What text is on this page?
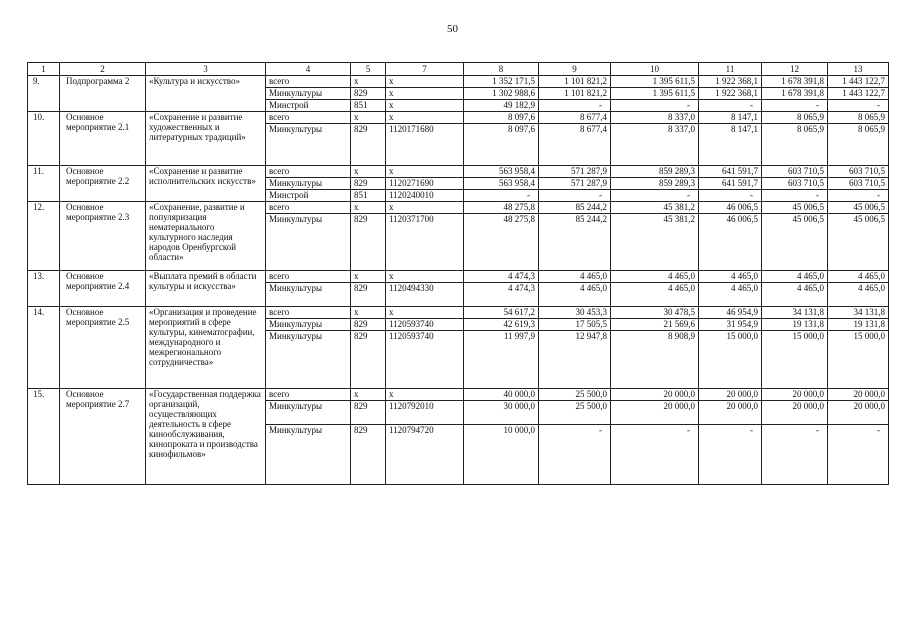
50
1	2	3	4	5	7	8	9	10	11	12	13
9.	Подпрограмма 2	«Культура и искусство»	всего	x	x	1 352 171,5	1 101 821,2	1 395 611,5	1 922 368,1	1 678 391,8	1 443 122,7
			Минкультуры	829	x	1 302 988,6	1 101 821,2	1 395 611,5	1 922 368,1	1 678 391,8	1 443 122,7
			Минстрой	851	x	49 182,9	-	-	-	-	-
10.	Основное мероприятие 2.1	«Сохранение и развитие художественных и литературных традиций»	всего	x	x	8 097,6	8 677,4	8 337,0	8 147,1	8 065,9	8 065,9
			Минкультуры	829	1120171680	8 097,6	8 677,4	8 337,0	8 147,1	8 065,9	8 065,9
11.	Основное мероприятие 2.2	«Сохранение и развитие исполнительских искусств»	всего	x	x	563 958,4	571 287,9	859 289,3	641 591,7	603 710,5	603 710,5
			Минкультуры	829	1120271690	563 958,4	571 287,9	859 289,3	641 591,7	603 710,5	603 710,5
			Минстрой	851	1120240010	-	-	-	-	-	-
12.	Основное мероприятие 2.3	«Сохранение, развитие и популяризация нематериального культурного наследия народов Оренбургской области»	всего	x	x	48 275,8	85 244,2	45 381,2	46 006,5	45 006,5	45 006,5
			Минкультуры	829	1120371700	48 275,8	85 244,2	45 381,2	46 006,5	45 006,5	45 006,5
13.	Основное мероприятие 2.4	«Выплата премий в области культуры и искусства»	всего	x	x	4 474,3	4 465,0	4 465,0	4 465,0	4 465,0	4 465,0
			Минкультуры	829	1120494330	4 474,3	4 465,0	4 465,0	4 465,0	4 465,0	4 465,0
14.	Основное мероприятие 2.5	«Организация и проведение мероприятий в сфере культуры, кинематографии, международного и межрегионального сотрудничества»	всего	x	x	54 617,2	30 453,3	30 478,5	46 954,9	34 131,8	34 131,8
			Минкультуры	829	1120593740	42 619,3	17 505,5	21 569,6	31 954,9	19 131,8	19 131,8
			Минкультуры	829	1120593740	11 997,9	12 947,8	8 908,9	15 000,0	15 000,0	15 000,0
15.	Основное мероприятие 2.7	«Государственная поддержка организаций, осуществляющих деятельность в сфере кинообслуживания, кинопроката и производства кинофильмов»	всего	x	x	40 000,0	25 500,0	20 000,0	20 000,0	20 000,0	20 000,0
			Минкультуры	829	1120792010	30 000,0	25 500,0	20 000,0	20 000,0	20 000,0	20 000,0
			Минкультуры	829	1120794720	10 000,0	-	-	-	-	-
